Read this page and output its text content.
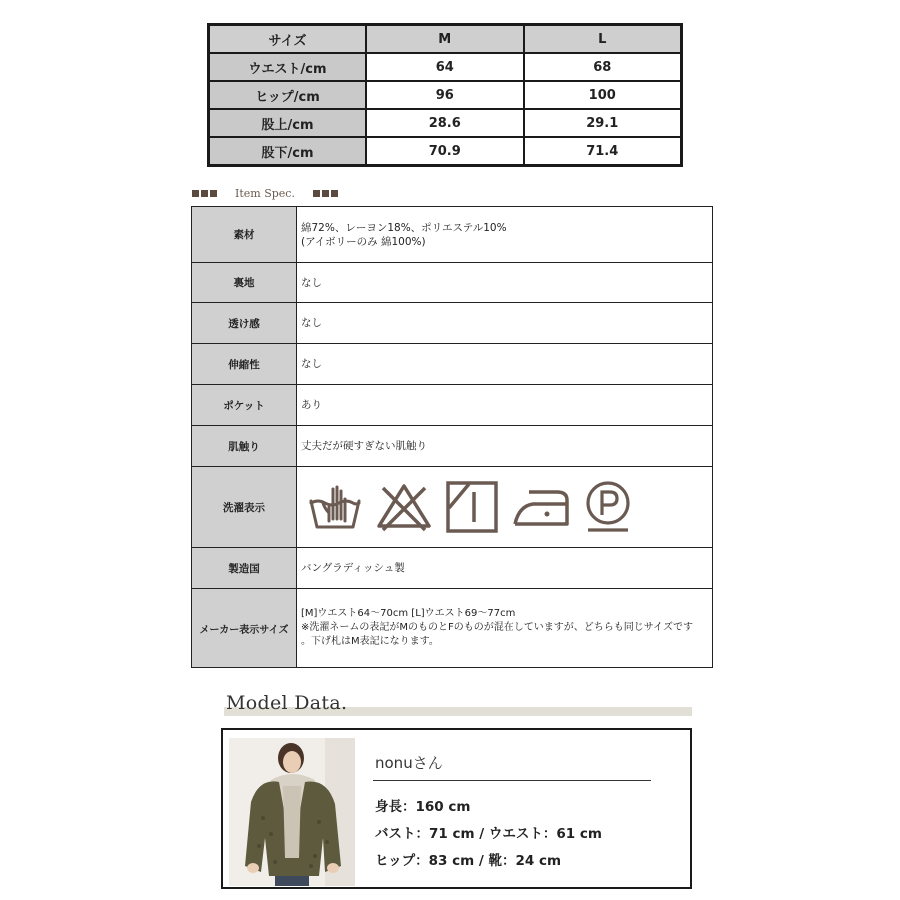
サイズ	M	L
ウエスト/cm	64	68
ヒップ/cm	96	100
股上/cm	28.6	29.1
股下/cm	70.9	71.4
Item Spec.
素材	綿72%、レーヨン18%、ポリエステル10%
(アイボリーのみ 綿100%)

裏地	なし
透け感	なし
伸縮性	なし
ポケット	あり
肌触り	丈夫だが硬すぎない肌触り
洗濯表示	

製造国	バングラディッシュ製
メーカー表示サイズ	[M]ウエスト64～70cm [L]ウエスト69～77cm
※洗濯ネームの表記がMのものとFのものが混在していますが、どちらも同じサイズです
。下げ札はM表記になります。
Model Data.
nonuさん
身長：160 cm
バスト：71 cm / ウエスト：61 cm
ヒップ：83 cm / 靴：24 cm
